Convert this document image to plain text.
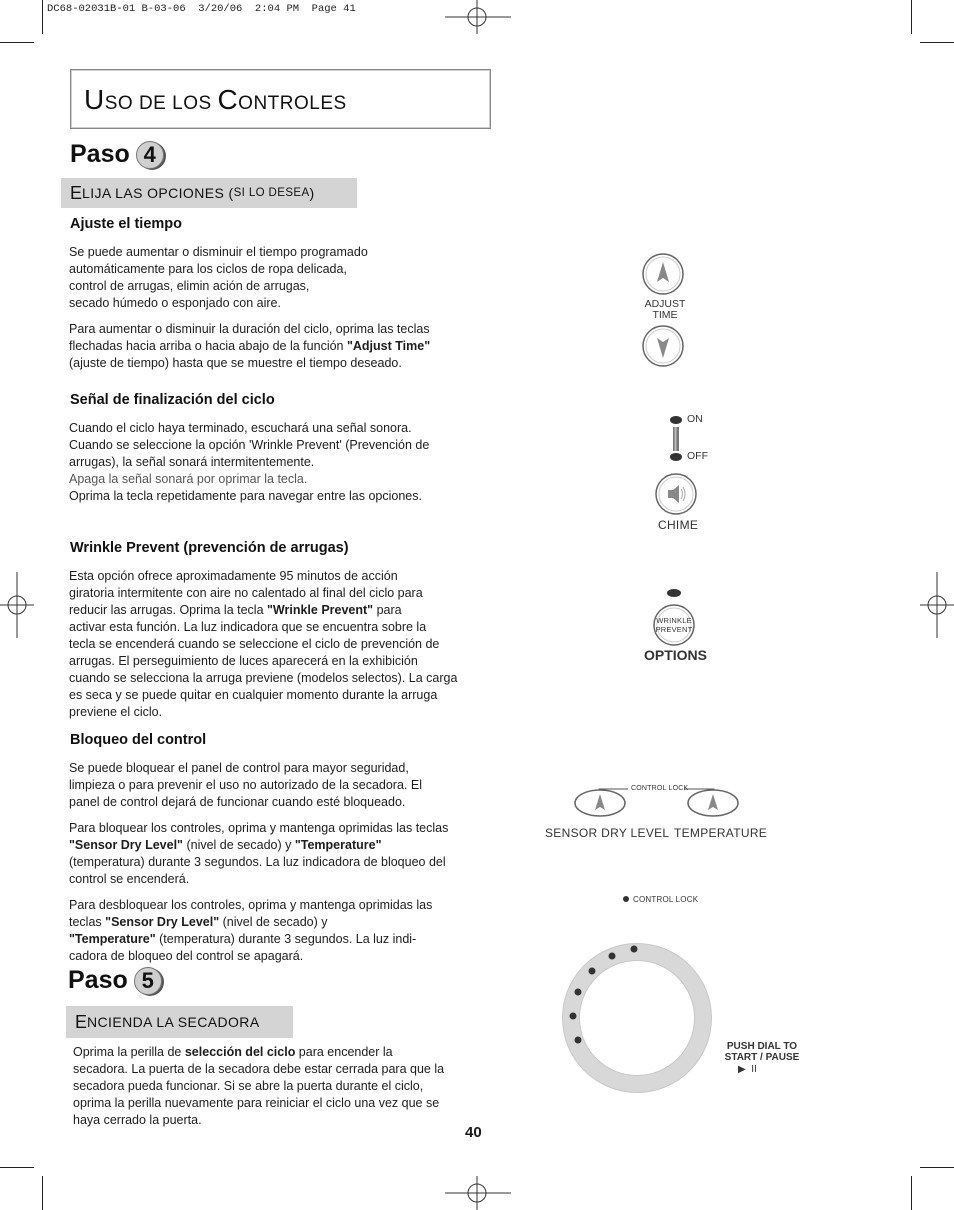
DC68-02031B-01 B-03-06  3/20/06  2:04 PM  Page 41
USO DE LOS CONTROLES
Paso 4
E LIJA LAS OPCIONES ( SI LO DESEA )
Ajuste el tiempo
Se puede aumentar o disminuir el tiempo programado
automáticamente para los ciclos de ropa delicada,
control de arrugas, elimin ación de arrugas,
secado húmedo o esponjado con aire.
Para aumentar o disminuir la duración del ciclo, oprima las teclas
flechadas hacia arriba o hacia abajo de la función "Adjust Time"
(ajuste de tiempo) hasta que se muestre el tiempo deseado.
Señal de finalización del ciclo
Cuando el ciclo haya terminado, escuchará una señal sonora.
Cuando se seleccione la opción 'Wrinkle Prevent' (Prevención de
arrugas), la señal sonará intermitentemente.
Apaga la señal sonará por oprimar la tecla.
Oprima la tecla repetidamente para navegar entre las opciones.
Wrinkle Prevent (prevención de arrugas)
Esta opción ofrece aproximadamente 95 minutos de acción
giratoria intermitente con aire no calentado al final del ciclo para
reducir las arrugas. Oprima la tecla "Wrinkle Prevent" para
activar esta función. La luz indicadora que se encuentra sobre la
tecla se encenderá cuando se seleccione el ciclo de prevención de
arrugas. El perseguimiento de luces aparecerá en la exhibición
cuando se selecciona la arruga previene (modelos selectos). La carga
es seca y se puede quitar en cualquier momento durante la arruga
previene el ciclo.
Bloqueo del control
Se puede bloquear el panel de control para mayor seguridad,
limpieza o para prevenir el uso no autorizado de la secadora. El
panel de control dejará de funcionar cuando esté bloqueado.
Para bloquear los controles, oprima y mantenga oprimidas las teclas
"Sensor Dry Level" (nivel de secado) y "Temperature"
(temperatura) durante 3 segundos. La luz indicadora de bloqueo del
control se encenderá.
Para desbloquear los controles, oprima y mantenga oprimidas las
teclas "Sensor Dry Level" (nivel de secado) y
"Temperature" (temperatura) durante 3 segundos. La luz indi-
cadora de bloqueo del control se apagará.
Paso 5
E NCIENDA LA SECADORA
Oprima la perilla de selección del ciclo para encender la
secadora. La puerta de la secadora debe estar cerrada para que la
secadora pueda funcionar. Si se abre la puerta durante el ciclo,
oprima la perilla nuevamente para reiniciar el ciclo una vez que se
haya cerrado la puerta.
40
ADJUST
TIME
ON
OFF
CHIME
WRINKLE
PREVENT
OPTIONS
CONTROL LOCK
SENSOR DRY LEVEL TEMPERATURE
CONTROL LOCK
PUSH DIAL TO
START / PAUSE
▶  II
